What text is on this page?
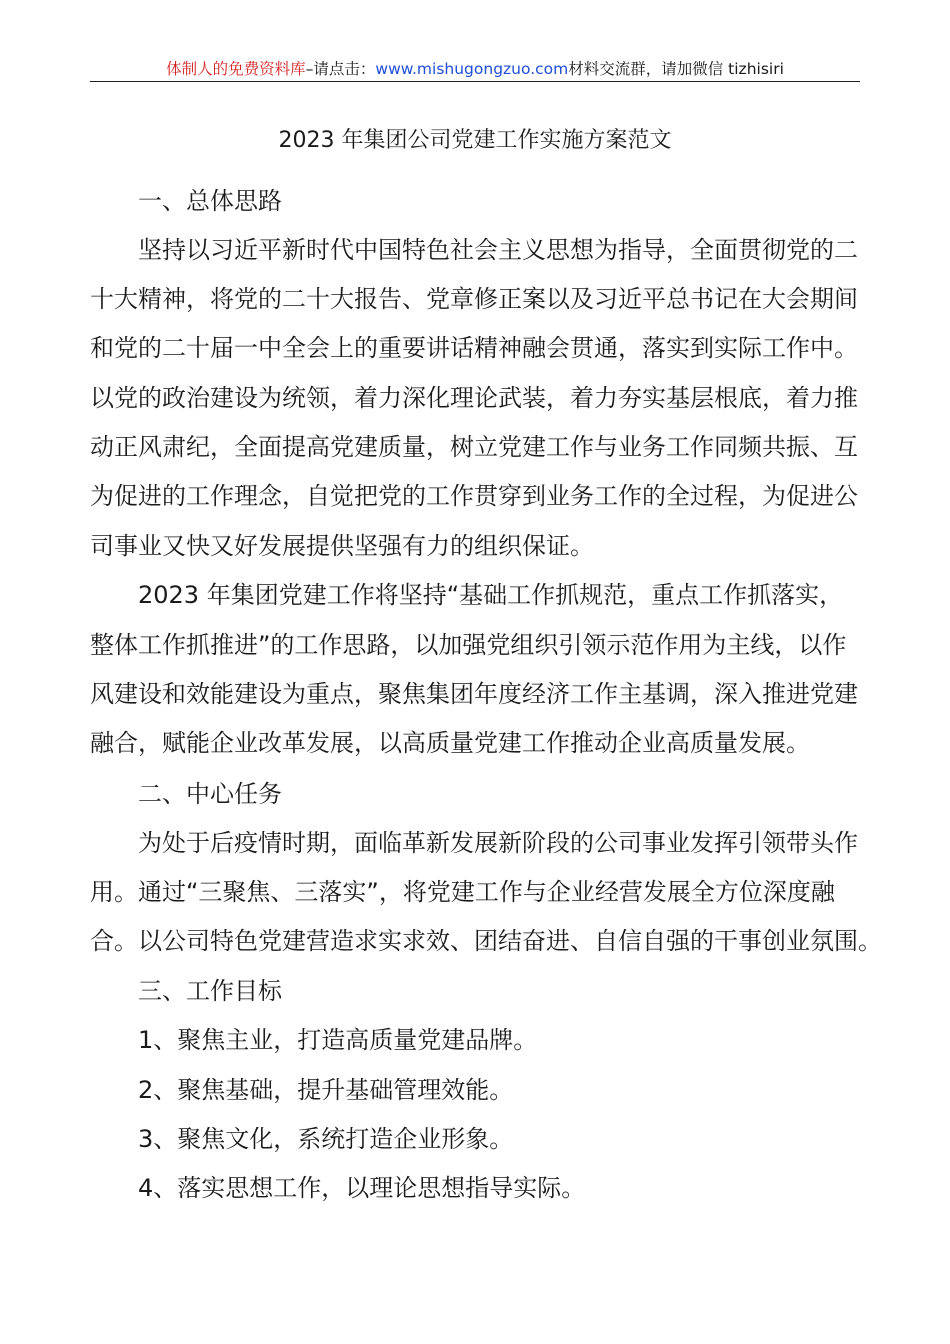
体制人的免费资料库–请点击：www.mishugongzuo.com材料交流群，请加微信 tizhisiri
2023 年集团公司党建工作实施方案范文
一、总体思路
坚持以习近平新时代中国特色社会主义思想为指导，全面贯彻党的二
十大精神，将党的二十大报告、党章修正案以及习近平总书记在大会期间
和党的二十届一中全会上的重要讲话精神融会贯通，落实到实际工作中。
以党的政治建设为统领，着力深化理论武装，着力夯实基层根底，着力推
动正风肃纪，全面提高党建质量，树立党建工作与业务工作同频共振、互
为促进的工作理念，自觉把党的工作贯穿到业务工作的全过程，为促进公
司事业又快又好发展提供坚强有力的组织保证。
2023 年集团党建工作将坚持“基础工作抓规范，重点工作抓落实，
整体工作抓推进”的工作思路，以加强党组织引领示范作用为主线，以作
风建设和效能建设为重点，聚焦集团年度经济工作主基调，深入推进党建
融合，赋能企业改革发展，以高质量党建工作推动企业高质量发展。
二、中心任务
为处于后疫情时期，面临革新发展新阶段的公司事业发挥引领带头作
用。通过“三聚焦、三落实”，将党建工作与企业经营发展全方位深度融
合。以公司特色党建营造求实求效、团结奋进、自信自强的干事创业氛围。
三、工作目标
1、聚焦主业，打造高质量党建品牌。
2、聚焦基础，提升基础管理效能。
3、聚焦文化，系统打造企业形象。
4、落实思想工作，以理论思想指导实际。
